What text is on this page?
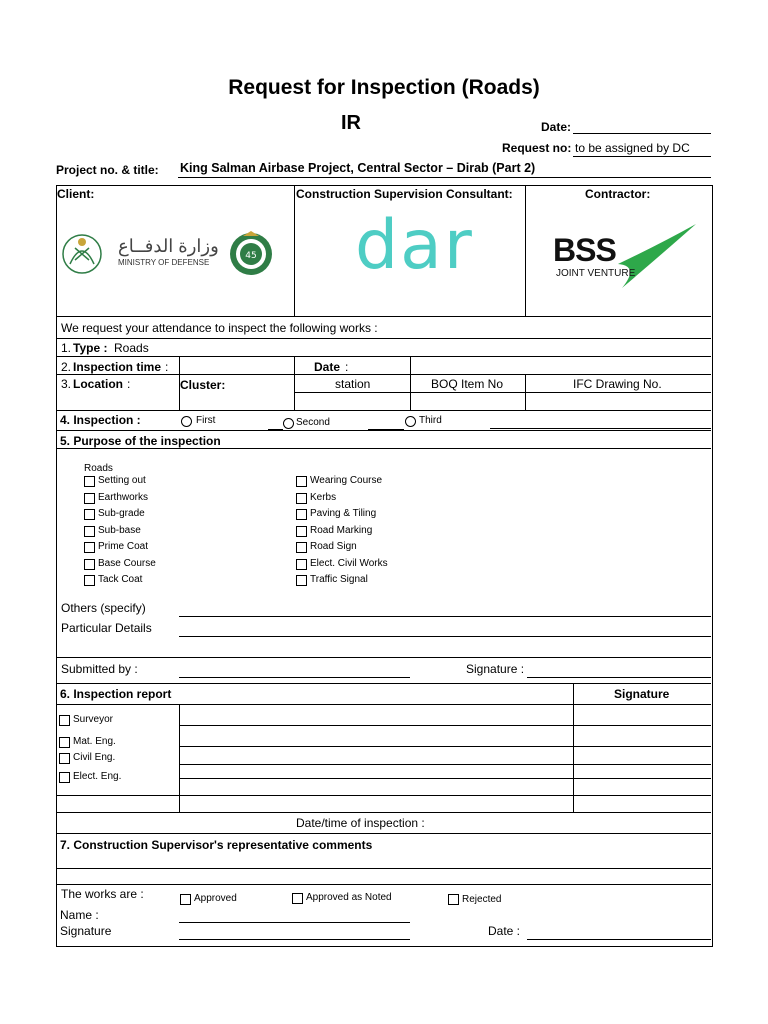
Request for Inspection (Roads)
IR	Date:
Request no: to be assigned by DC
Project no. & title: King Salman Airbase Project, Central Sector – Dirab (Part 2)
Client:	Construction Supervision Consultant:	Contractor:
45
وزارة الدفــاع
MINISTRY OF DEFENSE dar BSS
JOINT VENTURE
We request your attendance to inspect the following works :
1. Type : Roads
2. Inspection time :	Date :
3. Location :	Cluster:	station	BOQ Item No	IFC Drawing No.
4. Inspection :	First	Second	Third
5. Purpose of the inspection
Roads
Setting out
Earthworks
Sub-grade
Sub-base
Prime Coat
Base Course
Tack Coat
Wearing Course
Kerbs
Paving & Tiling
Road Marking
Road Sign
Elect. Civil Works
Traffic Signal
Others (specify)
Particular Details
Submitted by :	Signature :
6. Inspection report	Signature
Surveyor
Mat. Eng.
Civil Eng.
Elect. Eng.
Date/time of inspection :
7. Construction Supervisor's representative comments
The works are :	Approved	Approved as Noted	Rejected
Name :
Signature	Date :
